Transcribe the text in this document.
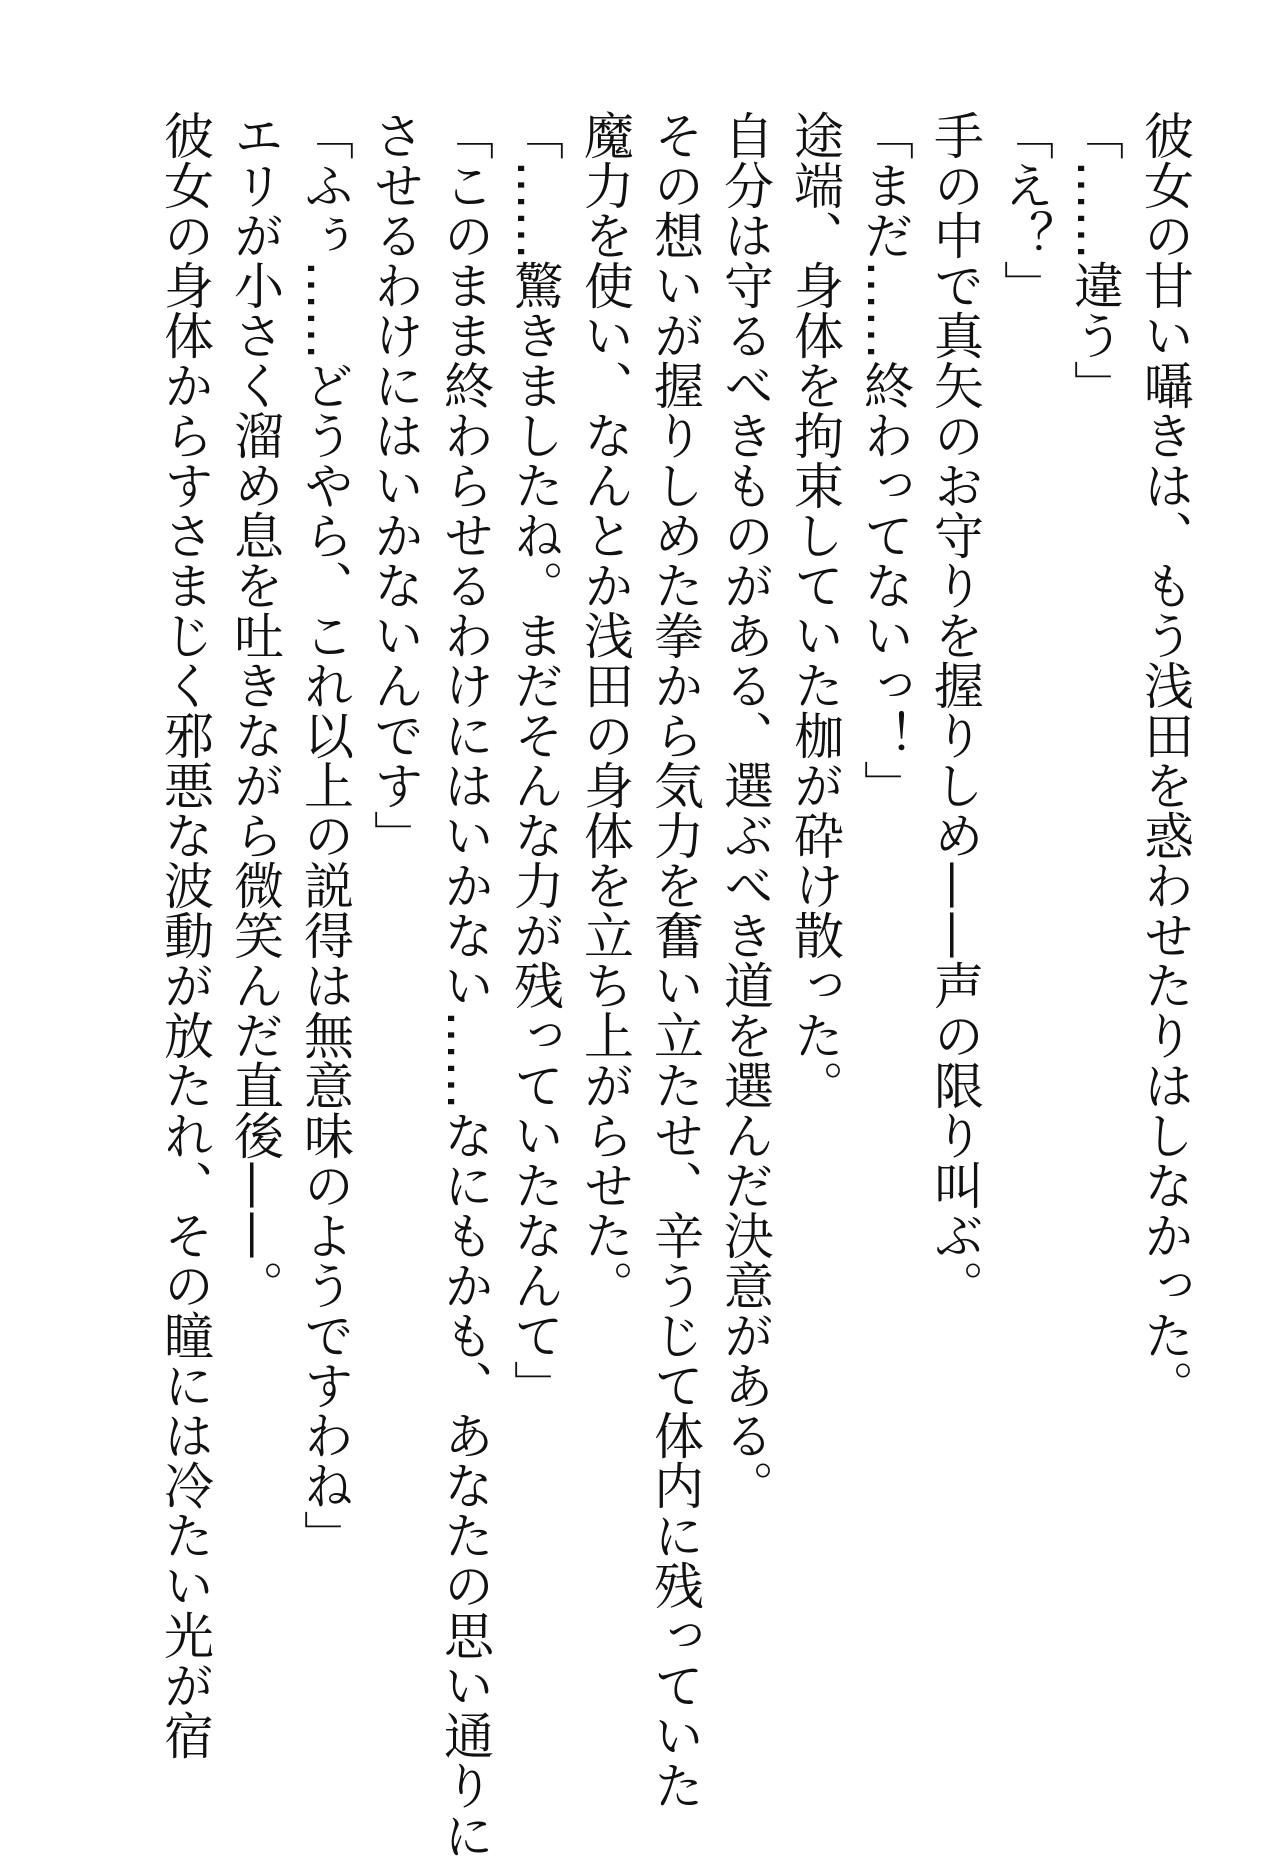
彼女の甘い囁きは、もう浅田を惑わせたりはしなかった。
「……違う」
「え？」
手の中で真矢のお守りを握りしめ——声の限り叫ぶ。
「まだ……終わってないっ！」
途端、身体を拘束していた枷が砕け散った。
自分は守るべきものがある、選ぶべき道を選んだ決意がある。
その想いが握りしめた拳から気力を奮い立たせ、辛うじて体内に残っていた
魔力を使い、なんとか浅田の身体を立ち上がらせた。
「……驚きましたね。まだそんな力が残っていたなんて」
「このまま終わらせるわけにはいかない……なにもかも、あなたの思い通りに
させるわけにはいかないんです」
「ふぅ……どうやら、これ以上の説得は無意味のようですわね」
エリが小さく溜め息を吐きながら微笑んだ直後——。
彼女の身体からすさまじく邪悪な波動が放たれ、その瞳には冷たい光が宿
